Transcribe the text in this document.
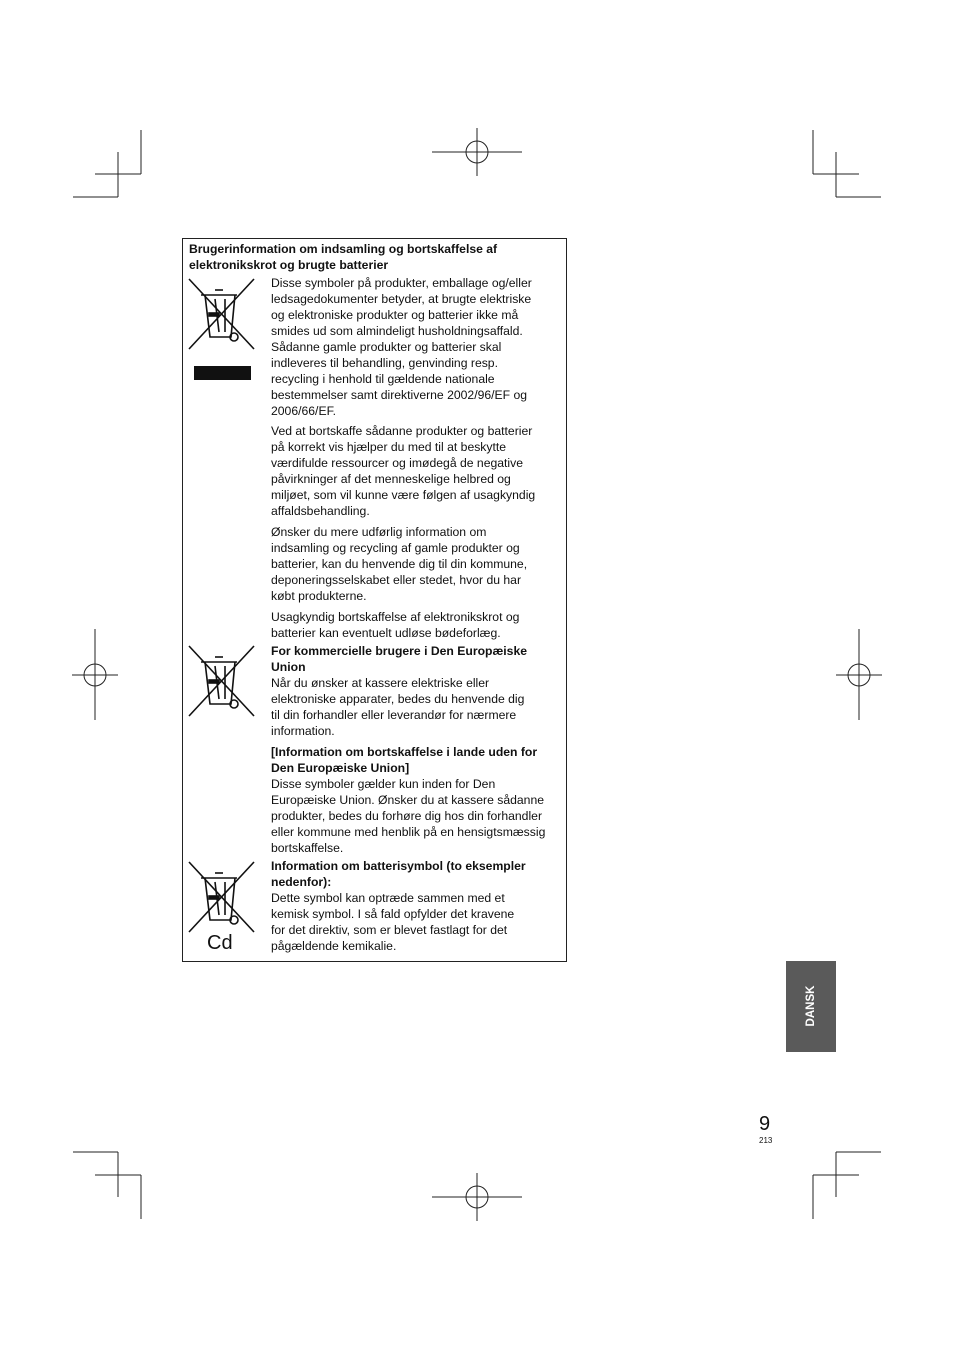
Brugerinformation om indsamling og bortskaffelse af
elektronikskrot og brugte batterier
Cd

Disse symboler på produkter, emballage og/eller

ledsagedokumenter betyder, at brugte elektriske

og elektroniske produkter og batterier ikke må

smides ud som almindeligt husholdningsaffald.

Sådanne gamle produkter og batterier skal

indleveres til behandling, genvinding resp.

recycling i henhold til gældende nationale

bestemmelser samt direktiverne 2002/96/EF og

2006/66/EF.

Ved at bortskaffe sådanne produkter og batterier

på korrekt vis hjælper du med til at beskytte

værdifulde ressourcer og imødegå de negative

påvirkninger af det menneskelige helbred og

miljøet, som vil kunne være følgen af usagkyndig

affaldsbehandling.

Ønsker du mere udførlig information om

indsamling og recycling af gamle produkter og

batterier, kan du henvende dig til din kommune,

deponeringsselskabet eller stedet, hvor du har

købt produkterne.

Usagkyndig bortskaffelse af elektronikskrot og

batterier kan eventuelt udløse bødeforlæg.

For kommercielle brugere i Den Europæiske

Union

Når du ønsker at kassere elektriske eller

elektroniske apparater, bedes du henvende dig

til din forhandler eller leverandør for nærmere

information.

[Information om bortskaffelse i lande uden for

Den Europæiske Union]

Disse symboler gælder kun inden for Den

Europæiske Union. Ønsker du at kassere sådanne

produkter, bedes du forhøre dig hos din forhandler

eller kommune med henblik på en hensigtsmæssig

bortskaffelse.

Information om batterisymbol (to eksempler

nedenfor):

Dette symbol kan optræde sammen med et

kemisk symbol. I så fald opfylder det kravene

for det direktiv, som er blevet fastlagt for det

pågældende kemikalie.

DANSK
9
213
